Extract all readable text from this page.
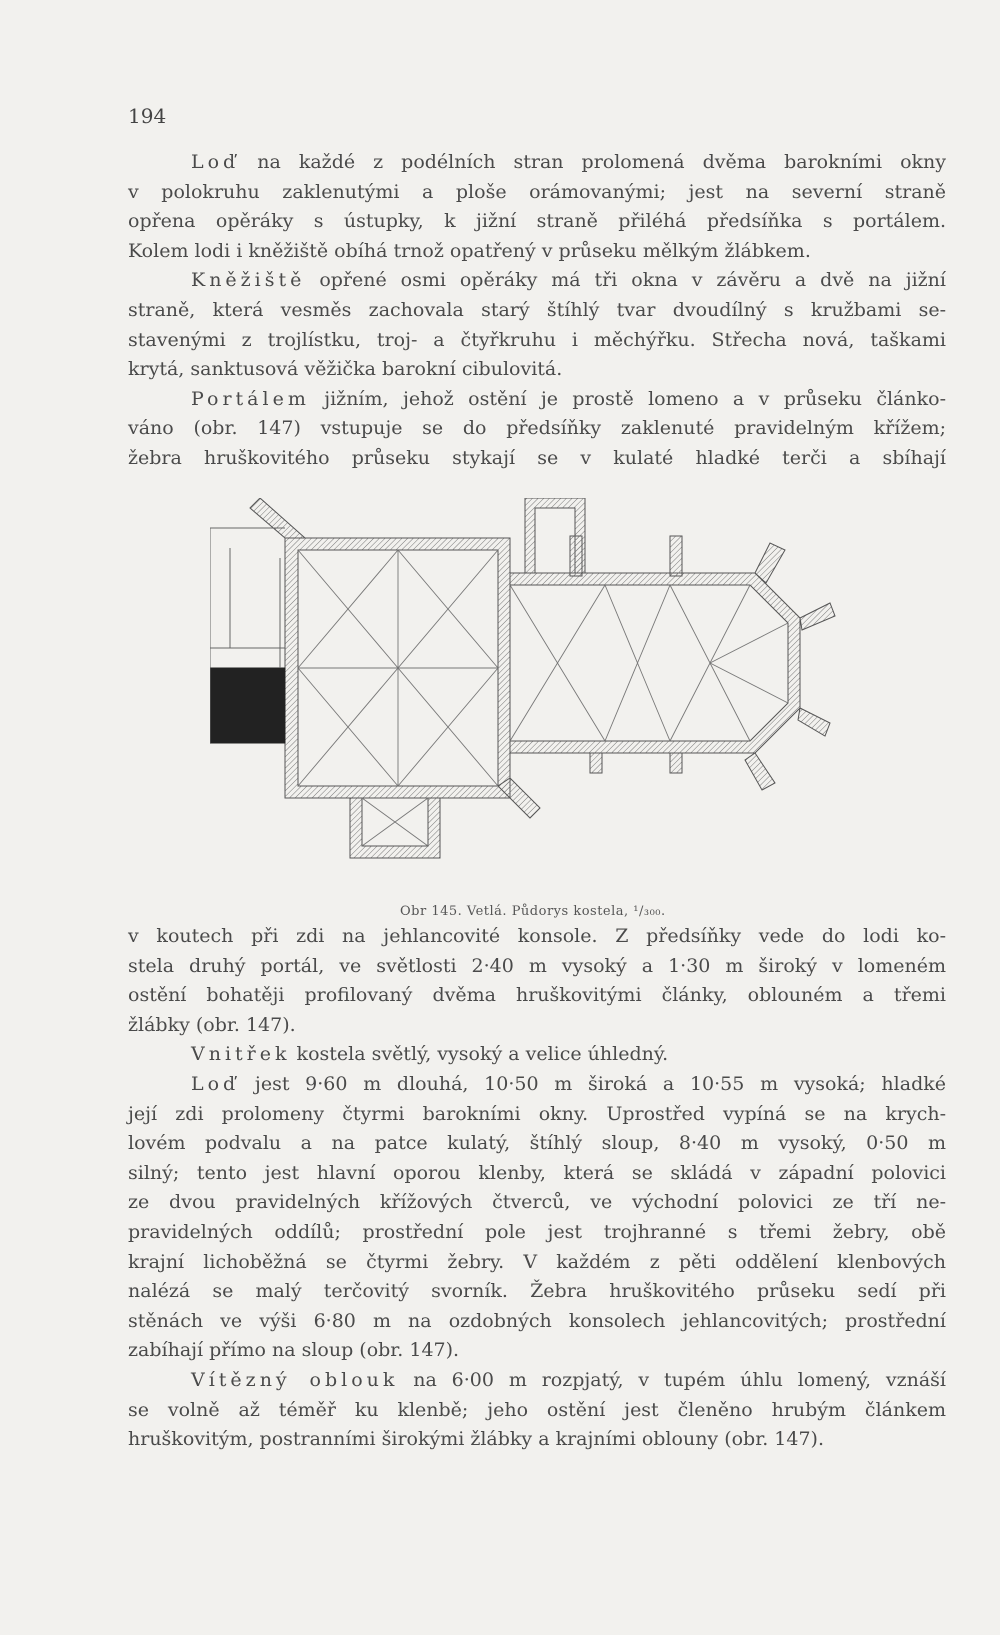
194
Loď na každé z podélních stran prolomená dvěma barokními okny
v polokruhu zaklenutými a ploše orámovanými; jest na severní straně
opřena opěráky s ústupky, k jižní straně přiléhá předsíňka s portálem.
Kolem lodi i kněžiště obíhá trnož opatřený v průseku mělkým žlábkem.
Kněžiště opřené osmi opěráky má tři okna v závěru a dvě na jižní
straně, která vesměs zachovala starý štíhlý tvar dvoudílný s kružbami se-
stavenými z trojlístku, troj- a čtyřkruhu i měchýřku. Střecha nová, taškami
krytá, sanktusová věžička barokní cibulovitá.
Portálem jižním, jehož ostění je prostě lomeno a v průseku článko-
váno (obr. 147) vstupuje se do předsíňky zaklenuté pravidelným křížem;
žebra hruškovitého průseku stykají se v kulaté hladké terči a sbíhají
Obr 145. Vetlá. Půdorys kostela, ¹/₃₀₀.
v koutech při zdi na jehlancovité konsole. Z předsíňky vede do lodi ko-
stela druhý portál, ve světlosti 2·40 m vysoký a 1·30 m široký v lomeném
ostění bohatěji profilovaný dvěma hruškovitými články, oblouném a třemi
žlábky (obr. 147).
Vnitřek kostela světlý, vysoký a velice úhledný.
Loď jest 9·60 m dlouhá, 10·50 m široká a 10·55 m vysoká; hladké
její zdi prolomeny čtyrmi barokními okny. Uprostřed vypíná se na krych-
lovém podvalu a na patce kulatý, štíhlý sloup, 8·40 m vysoký, 0·50 m
silný; tento jest hlavní oporou klenby, která se skládá v západní polovici
ze dvou pravidelných křížových čtverců, ve východní polovici ze tří ne-
pravidelných oddílů; prostřední pole jest trojhranné s třemi žebry, obě
krajní lichoběžná se čtyrmi žebry. V každém z pěti oddělení klenbových
nalézá se malý terčovitý svorník. Žebra hruškovitého průseku sedí při
stěnách ve výši 6·80 m na ozdobných konsolech jehlancovitých; prostřední
zabíhají přímo na sloup (obr. 147).
Vítězný oblouk na 6·00 m rozpjatý, v tupém úhlu lomený, vznáší
se volně až téměř ku klenbě; jeho ostění jest členěno hrubým článkem
hruškovitým, postranními širokými žlábky a krajními oblouny (obr. 147).
